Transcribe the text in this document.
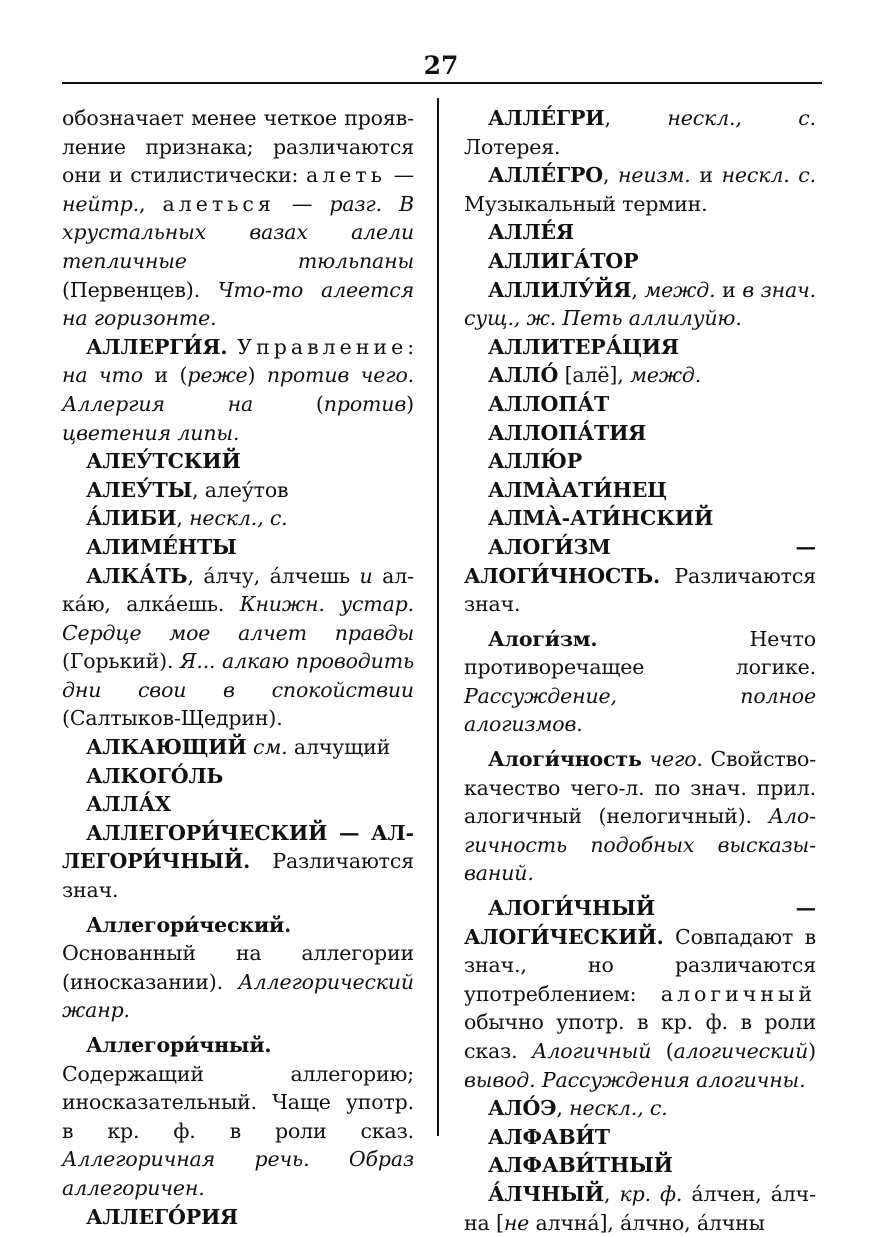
27

обозначает менее четкое проявление признака; различаются они и стилистически: алеть — нейтр., алеться — разг. В хрустальных вазах алели тепличные тюльпаны (Первенцев). Что-то алеется на горизонте.

АЛЛЕРГИ́Я. Управление: на что и (реже) против чего. Аллергия на (против) цветения липы.

АЛЕУ́ТСКИЙ

АЛЕУ́ТЫ, алеу́тов

А́ЛИБИ, нескл., с.

АЛИМЕ́НТЫ

АЛКА́ТЬ, а́лчу, а́лчешь и алка́ю, алка́ешь. Книжн. устар. Сердце мое алчет правды (Горький). Я... алкаю проводить дни свои в спокойствии (Салтыков-Щедрин).

АЛКАЮЩИЙ см. алчущий

АЛКОГО́ЛЬ

АЛЛА́Х

АЛЛЕГОРИ́ЧЕСКИЙ — АЛЛЕГОРИ́ЧНЫЙ. Различаются знач.

Аллегори́ческий. Основанный на аллегории (иносказании). Аллегорический жанр.

Аллегори́чный. Содержащий аллегорию; иносказательный. Чаще употр. в кр. ф. в роли сказ. Аллегоричная речь. Образ аллегоричен.

АЛЛЕГО́РИЯ

АЛЛЕ́ГРИ, нескл., с. Лотерея.

АЛЛЕ́ГРО, неизм. и нескл. с. Музыкальный термин.

АЛЛЕ́Я

АЛЛИГА́ТОР

АЛЛИЛУ́ЙЯ, межд. и в знач. сущ., ж. Петь аллилуйю.

АЛЛИТЕРА́ЦИЯ

АЛЛО́ [алё], межд.

АЛЛОПА́Т

АЛЛОПА́ТИЯ

АЛЛЮ́Р

АЛМА̀АТИ́НЕЦ

АЛМА̀-АТИ́НСКИЙ

АЛОГИ́ЗМ — АЛОГИ́ЧНОСТЬ. Различаются знач.

Алоги́зм. Нечто противоречащее логике. Рассуждение, полное алогизмов.

Алоги́чность чего. Свойство-качество чего-л. по знач. прил. алогичный (нелогичный). Алогичность подобных высказываний.

АЛОГИ́ЧНЫЙ — АЛОГИ́ЧЕСКИЙ. Совпадают в знач., но различаются употреблением: алогичный обычно употр. в кр. ф. в роли сказ. Алогичный (алогический) вывод. Рассуждения алогичны.

АЛО́Э, нескл., с.

АЛФАВИ́Т

АЛФАВИ́ТНЫЙ

А́ЛЧНЫЙ, кр. ф. а́лчен, а́лчна [не алчна́], а́лчно, а́лчны
